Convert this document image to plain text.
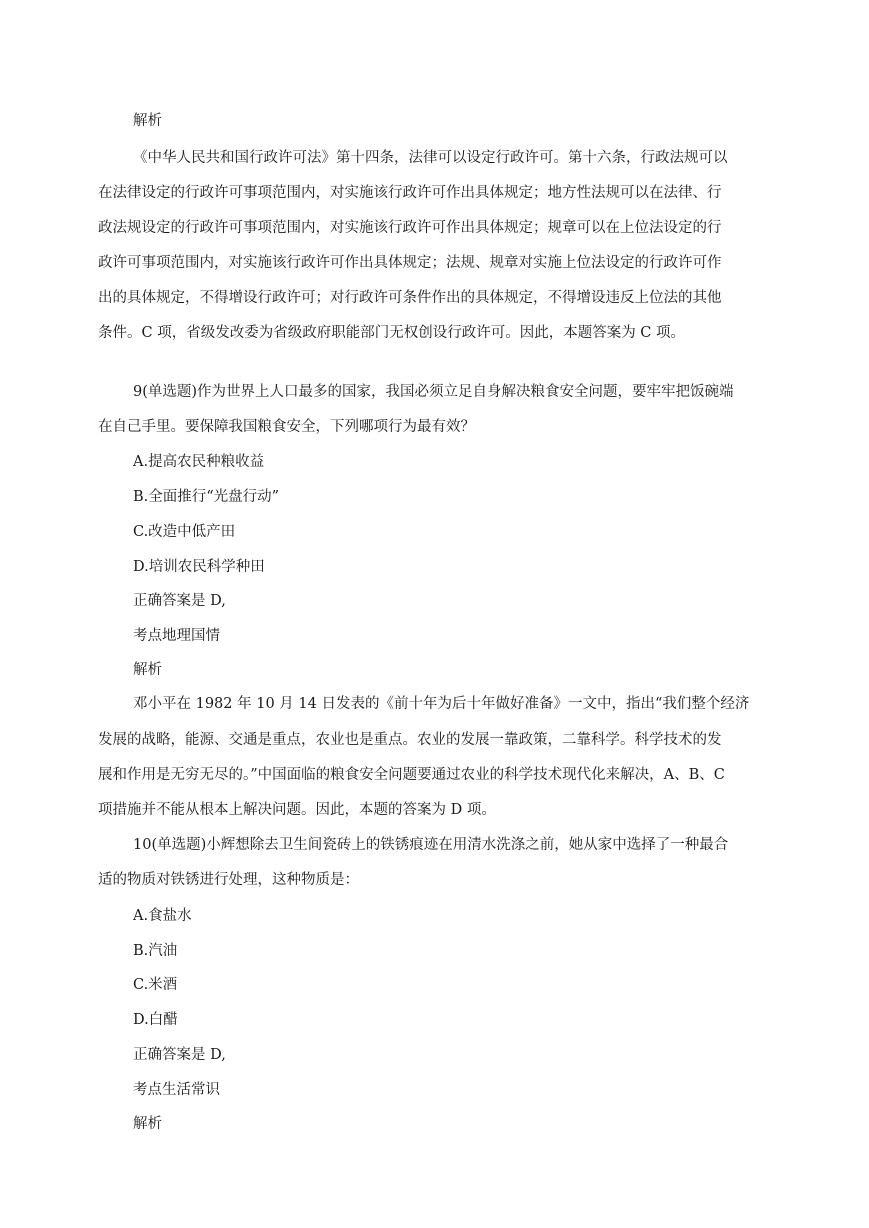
解析
《中华人民共和国行政许可法》第十四条，法律可以设定行政许可。第十六条，行政法规可以
在法律设定的行政许可事项范围内，对实施该行政许可作出具体规定；地方性法规可以在法律、行
政法规设定的行政许可事项范围内，对实施该行政许可作出具体规定；规章可以在上位法设定的行
政许可事项范围内，对实施该行政许可作出具体规定；法规、规章对实施上位法设定的行政许可作
出的具体规定，不得增设行政许可；对行政许可条件作出的具体规定，不得增设违反上位法的其他
条件。C 项，省级发改委为省级政府职能部门无权创设行政许可。因此，本题答案为 C 项。
9(单选题)作为世界上人口最多的国家，我国必须立足自身解决粮食安全问题，要牢牢把饭碗端
在自己手里。要保障我国粮食安全，下列哪项行为最有效？
A.提高农民种粮收益
B.全面推行“光盘行动”
C.改造中低产田
D.培训农民科学种田
正确答案是 D,
考点地理国情
解析
邓小平在 1982 年 10 月 14 日发表的《前十年为后十年做好准备》一文中，指出“我们整个经济
发展的战略，能源、交通是重点，农业也是重点。农业的发展一靠政策，二靠科学。科学技术的发
展和作用是无穷无尽的。”中国面临的粮食安全问题要通过农业的科学技术现代化来解决，A、B、C
项措施并不能从根本上解决问题。因此，本题的答案为 D 项。
10(单选题)小辉想除去卫生间瓷砖上的铁锈痕迹在用清水洗涤之前，她从家中选择了一种最合
适的物质对铁锈进行处理，这种物质是：
A.食盐水
B.汽油
C.米酒
D.白醋
正确答案是 D,
考点生活常识
解析
